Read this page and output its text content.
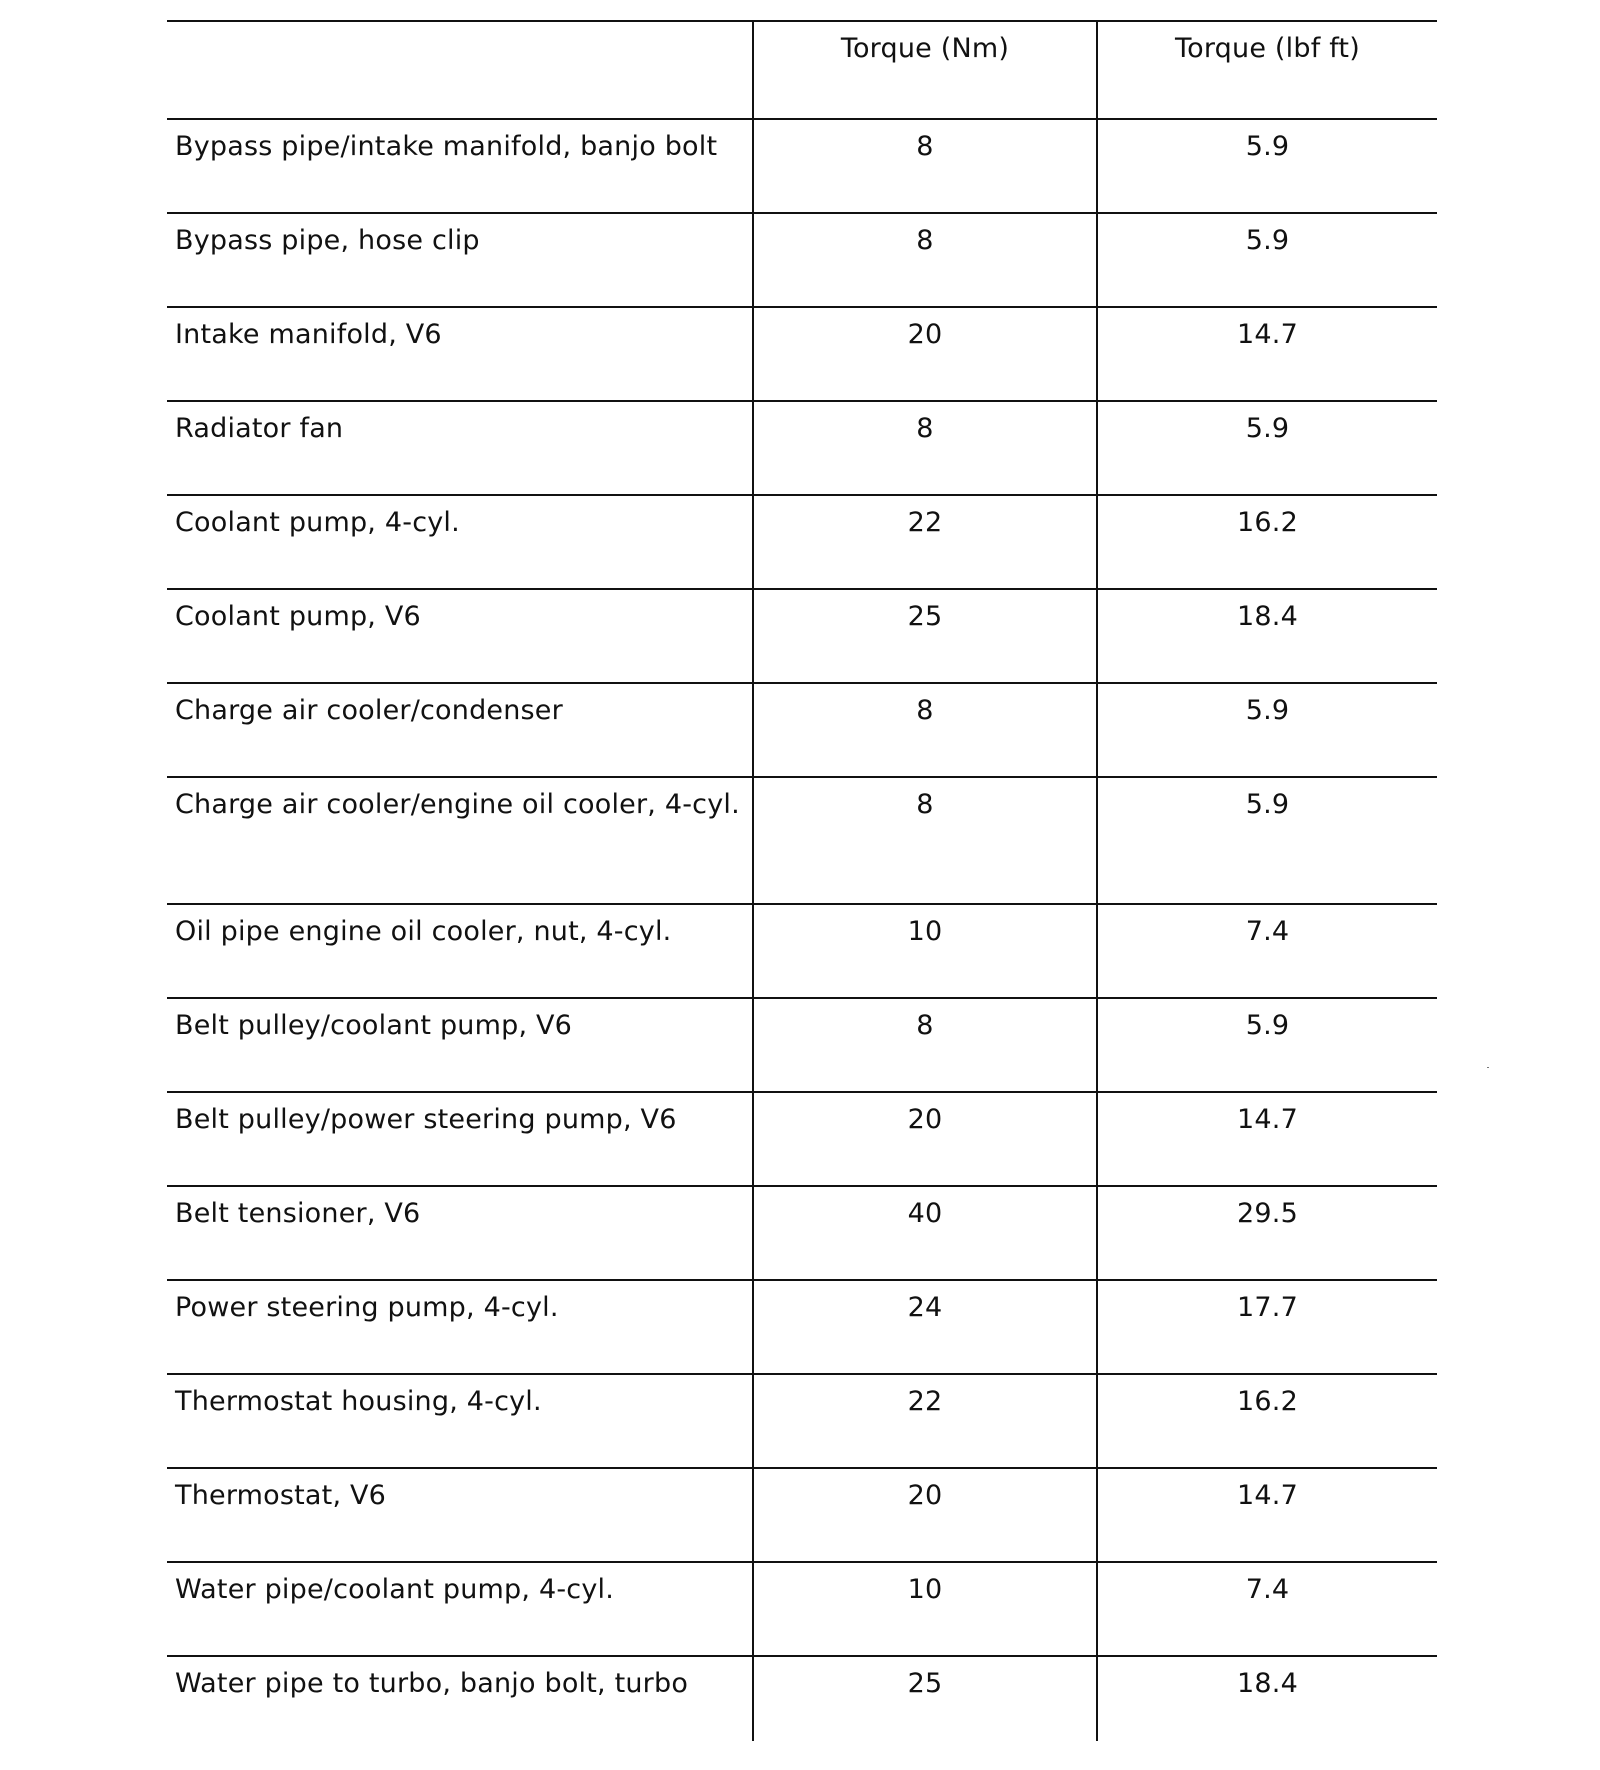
	Torque (Nm)	Torque (lbf ft)
Bypass pipe/intake manifold, banjo bolt	8	5.9
Bypass pipe, hose clip	8	5.9
Intake manifold, V6	20	14.7
Radiator fan	8	5.9
Coolant pump, 4-cyl.	22	16.2
Coolant pump, V6	25	18.4
Charge air cooler/condenser	8	5.9
Charge air cooler/engine oil cooler, 4-cyl.	8	5.9
Oil pipe engine oil cooler, nut, 4-cyl.	10	7.4
Belt pulley/coolant pump, V6	8	5.9
Belt pulley/power steering pump, V6	20	14.7
Belt tensioner, V6	40	29.5
Power steering pump, 4-cyl.	24	17.7
Thermostat housing, 4-cyl.	22	16.2
Thermostat, V6	20	14.7
Water pipe/coolant pump, 4-cyl.	10	7.4
Water pipe to turbo, banjo bolt, turbo	25	18.4
